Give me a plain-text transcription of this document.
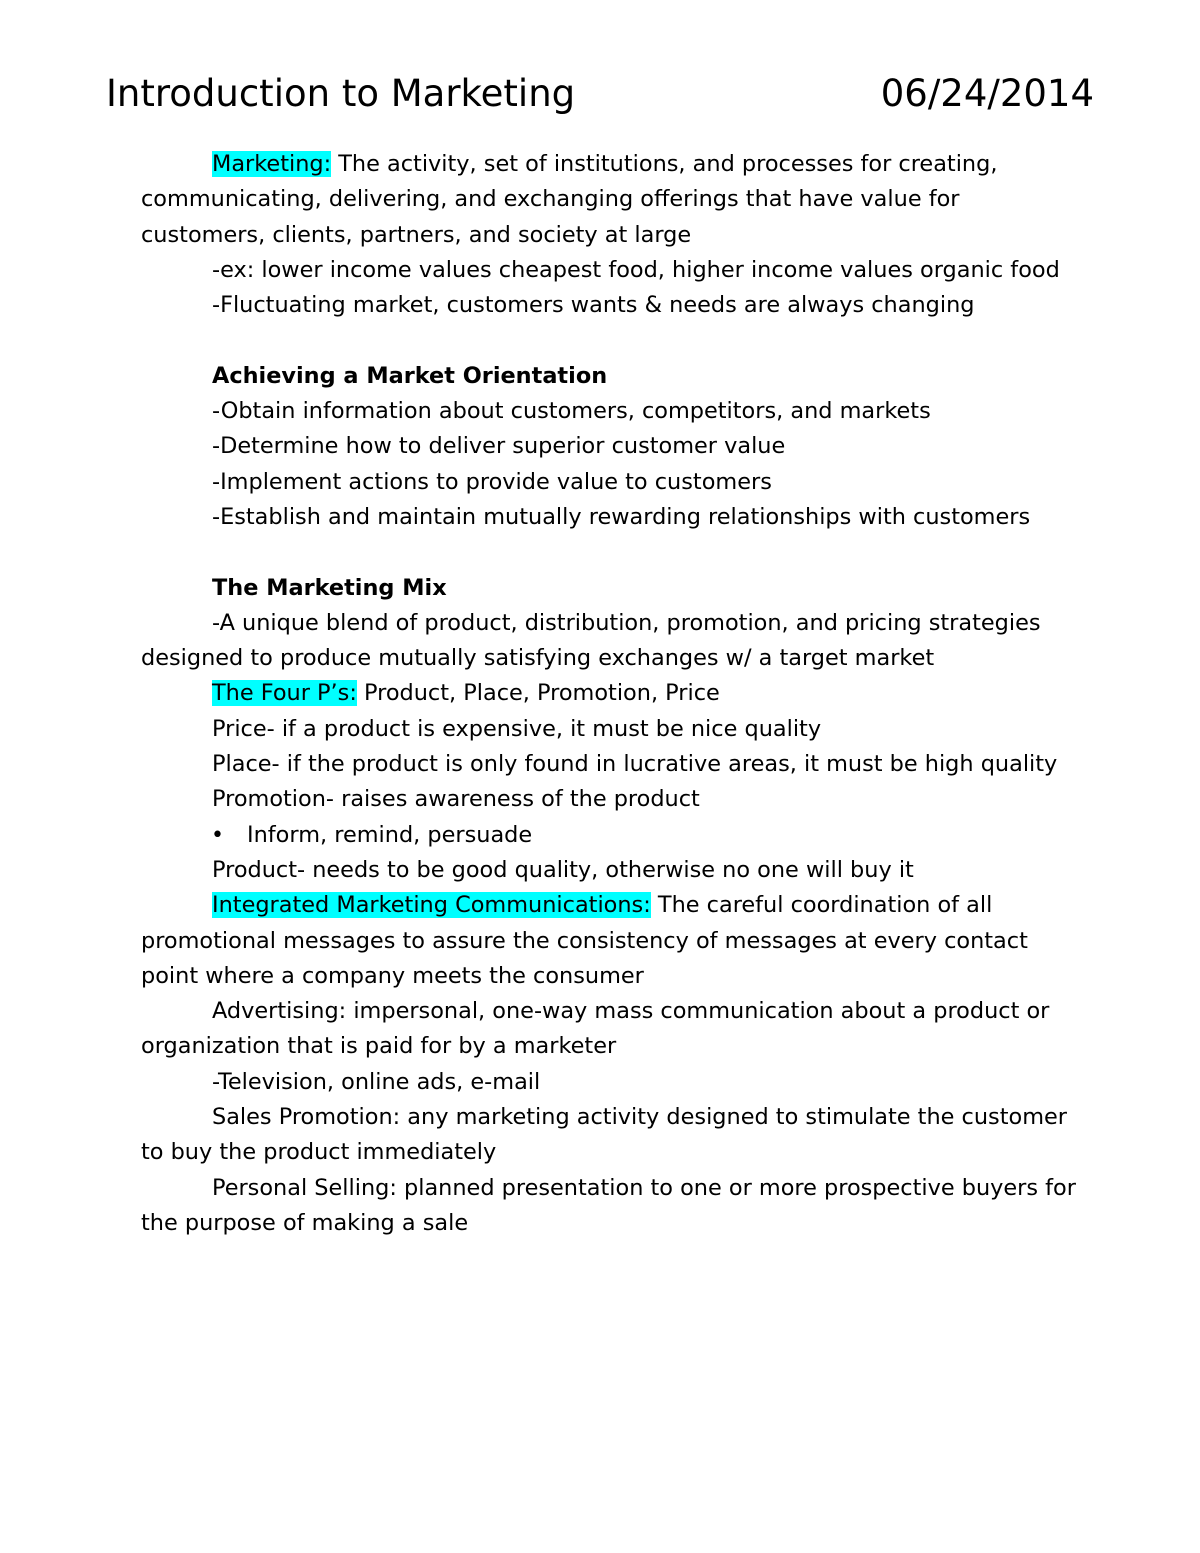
Introduction to Marketing	06/24/2014
Marketing: The activity, set of institutions, and processes for creating, communicating, delivering, and exchanging offerings that have value for customers, clients, partners, and society at large
-ex: lower income values cheapest food, higher income values organic food
-Fluctuating market, customers wants & needs are always changing
Achieving a Market Orientation
-Obtain information about customers, competitors, and markets
-Determine how to deliver superior customer value
-Implement actions to provide value to customers
-Establish and maintain mutually rewarding relationships with customers
The Marketing Mix
-A unique blend of product, distribution, promotion, and pricing strategies designed to produce mutually satisfying exchanges w/ a target market
The Four P’s: Product, Place, Promotion, Price
Price- if a product is expensive, it must be nice quality
Place- if the product is only found in lucrative areas, it must be high quality
Promotion- raises awareness of the product
• Inform, remind, persuade
Product- needs to be good quality, otherwise no one will buy it
Integrated Marketing Communications: The careful coordination of all promotional messages to assure the consistency of messages at every contact point where a company meets the consumer
Advertising: impersonal, one-way mass communication about a product or organization that is paid for by a marketer
-Television, online ads, e-mail
Sales Promotion: any marketing activity designed to stimulate the customer to buy the product immediately
Personal Selling: planned presentation to one or more prospective buyers for the purpose of making a sale
